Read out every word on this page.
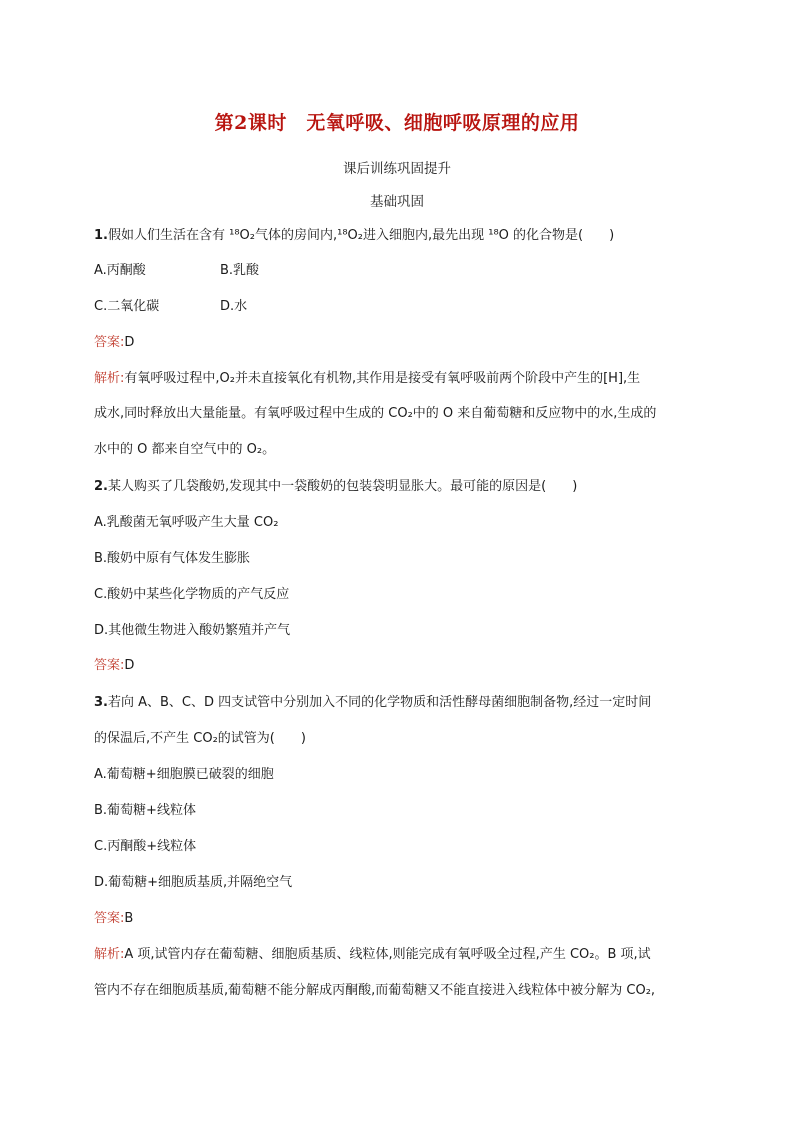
第2课时　无氧呼吸、细胞呼吸原理的应用
课后训练巩固提升
基础巩固
1.假如人们生活在含有 ¹⁸O₂气体的房间内,¹⁸O₂进入细胞内,最先出现 ¹⁸O 的化合物是(　　)
A.丙酮酸	B.乳酸
C.二氧化碳	D.水
答案:D
解析:有氧呼吸过程中,O₂并未直接氧化有机物,其作用是接受有氧呼吸前两个阶段中产生的[H],生
成水,同时释放出大量能量。有氧呼吸过程中生成的 CO₂中的 O 来自葡萄糖和反应物中的水,生成的
水中的 O 都来自空气中的 O₂。
2.某人购买了几袋酸奶,发现其中一袋酸奶的包装袋明显胀大。最可能的原因是(　　)
A.乳酸菌无氧呼吸产生大量 CO₂
B.酸奶中原有气体发生膨胀
C.酸奶中某些化学物质的产气反应
D.其他微生物进入酸奶繁殖并产气
答案:D
3.若向 A、B、C、D 四支试管中分别加入不同的化学物质和活性酵母菌细胞制备物,经过一定时间
的保温后,不产生 CO₂的试管为(　　)
A.葡萄糖+细胞膜已破裂的细胞
B.葡萄糖+线粒体
C.丙酮酸+线粒体
D.葡萄糖+细胞质基质,并隔绝空气
答案:B
解析:A 项,试管内存在葡萄糖、细胞质基质、线粒体,则能完成有氧呼吸全过程,产生 CO₂。B 项,试
管内不存在细胞质基质,葡萄糖不能分解成丙酮酸,而葡萄糖又不能直接进入线粒体中被分解为 CO₂,
